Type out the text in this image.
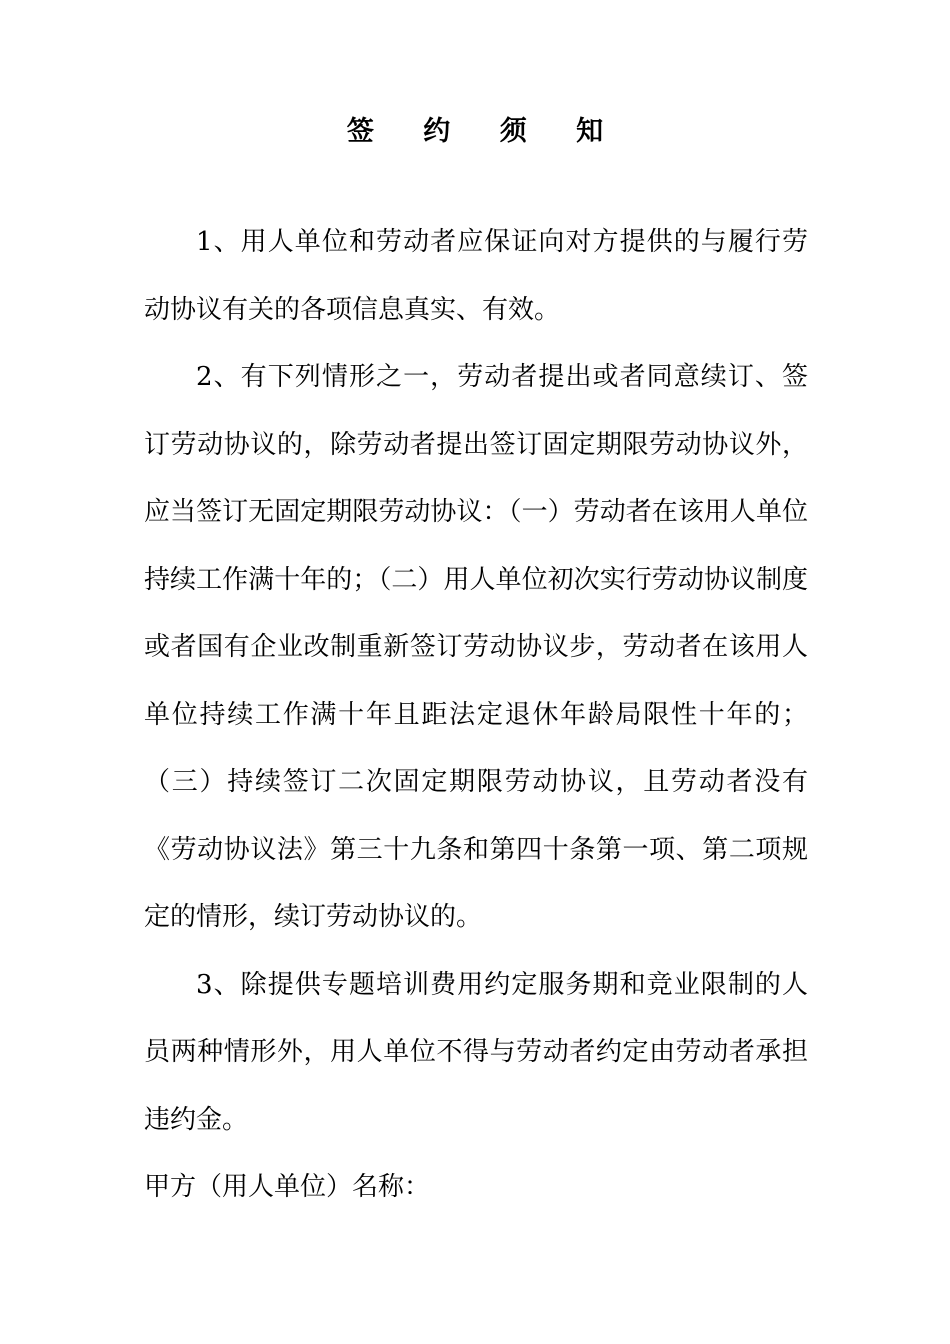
签 约 须 知

1、用人单位和劳动者应保证向对方提供的与履行劳动协议有关的各项信息真实、有效。

2、有下列情形之一，劳动者提出或者同意续订、签订劳动协议的，除劳动者提出签订固定期限劳动协议外，应当签订无固定期限劳动协议：（一）劳动者在该用人单位持续工作满十年的；（二）用人单位初次实行劳动协议制度或者国有企业改制重新签订劳动协议步，劳动者在该用人单位持续工作满十年且距法定退休年龄局限性十年的；（三）持续签订二次固定期限劳动协议，且劳动者没有《劳动协议法》第三十九条和第四十条第一项、第二项规定的情形，续订劳动协议的。

3、除提供专题培训费用约定服务期和竞业限制的人员两种情形外，用人单位不得与劳动者约定由劳动者承担违约金。

甲方（用人单位）名称：
